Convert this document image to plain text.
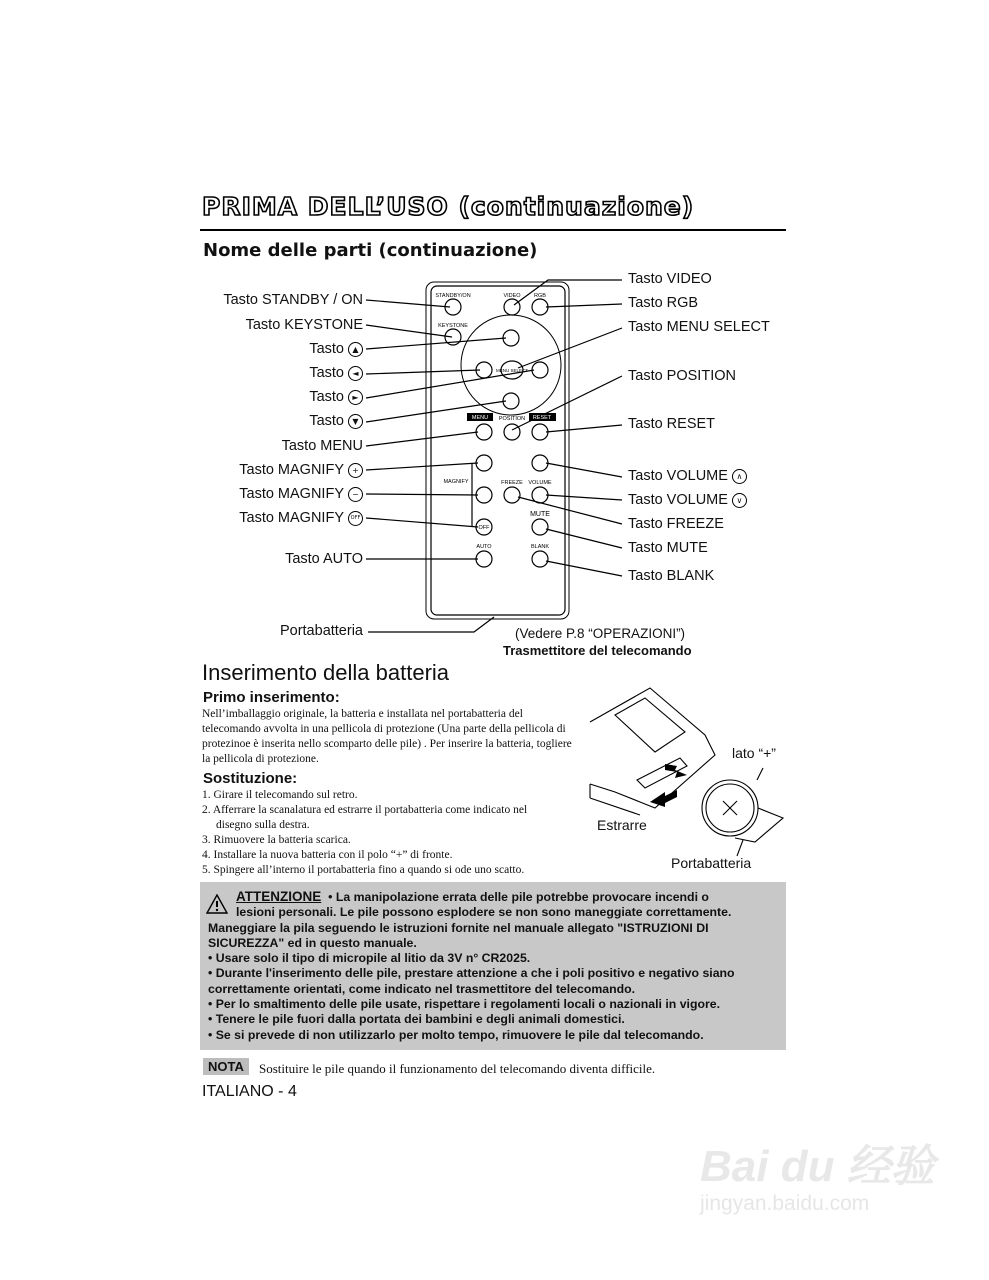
PRIMA DELL’USO (continuazione)
Nome delle parti (continuazione)
STANDBY/ON	VIDEO RGB
KEYSTONE
MENU SELECT
MENU POSITION RESET
MAGNIFY	FREEZE VOLUME
MUTE
OFF
AUTO	BLANK
Tasto STANDBY / ON
Tasto KEYSTONE
Tasto ▲
Tasto ◄
Tasto ►
Tasto ▼
Tasto MENU
Tasto MAGNIFY +
Tasto MAGNIFY −
Tasto MAGNIFY OFF
Tasto AUTO
Portabatteria
Tasto VIDEO
Tasto RGB
Tasto MENU SELECT
Tasto POSITION
Tasto RESET
Tasto VOLUME ∧
Tasto VOLUME ∨
Tasto FREEZE
Tasto MUTE
Tasto BLANK
(Vedere P.8 “OPERAZIONI”)
Trasmettitore del telecomando
Inserimento della batteria
Primo inserimento:
Nell’imballaggio originale, la batteria e installata nel portabatteria del telecomando avvolta in una pellicola di protezione (Una parte della pellicola di protezinoe è inserita nello scomparto delle pile) . Per inserire la batteria, togliere la pellicola di protezione.
Sostituzione:
1. Girare il telecomando sul retro.
2. Afferrare la scanalatura ed estrarre il portabatteria come indicato nel
disegno sulla destra.
3. Rimuovere la batteria scarica.
4. Installare la nuova batteria con il polo “+” di fronte.
5. Spingere all’interno il portabatteria fino a quando si ode uno scatto.
lato “+”
Estrarre
Portabatteria

ATTENZIONE • La manipolazione errata delle pile potrebbe provocare incendi o

lesioni personali. Le pile possono esplodere se non sono maneggiate correttamente.

Maneggiare la pila seguendo le istruzioni fornite nel manuale allegato "ISTRUZIONI DI

SICUREZZA" ed in questo manuale.

• Usare solo il tipo di micropile al litio da 3V n° CR2025.

• Durante l'inserimento delle pile, prestare attenzione a che i poli positivo e negativo siano

correttamente orientati, come indicato nel trasmettitore del telecomando.

• Per lo smaltimento delle pile usate, rispettare i regolamenti locali o nazionali in vigore.

• Tenere le pile fuori dalla portata dei bambini e degli animali domestici.

• Se si prevede di non utilizzarlo per molto tempo, rimuovere le pile dal telecomando.

NOTA	Sostituire le pile quando il funzionamento del telecomando diventa difficile.
ITALIANO - 4
Bai du 经验
jingyan.baidu.com
